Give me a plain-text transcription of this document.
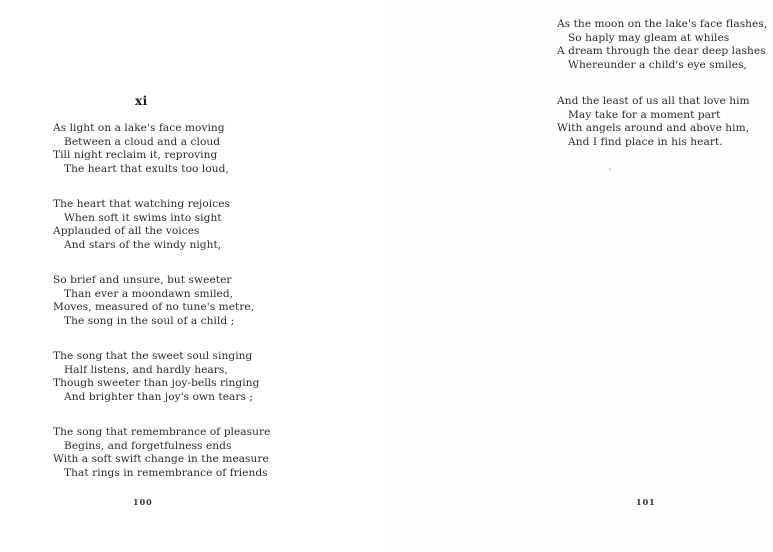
xi
As light on a lake's face moving
Between a cloud and a cloud
Till night reclaim it, reproving
The heart that exults too loud,
The heart that watching rejoices
When soft it swims into sight
Applauded of all the voices
And stars of the windy night,
So brief and unsure, but sweeter
Than ever a moondawn smiled,
Moves, measured of no tune's metre,
The song in the soul of a child ;
The song that the sweet soul singing
Half listens, and hardly hears,
Though sweeter than joy-bells ringing
And brighter than joy's own tears ;
The song that remembrance of pleasure
Begins, and forgetfulness ends
With a soft swift change in the measure
That rings in remembrance of friends
100
As the moon on the lake's face flashes,
So haply may gleam at whiles
A dream through the dear deep lashes
Whereunder a child's eye smiles,
And the least of us all that love him
May take for a moment part
With angels around and above him,
And I find place in his heart.
101
